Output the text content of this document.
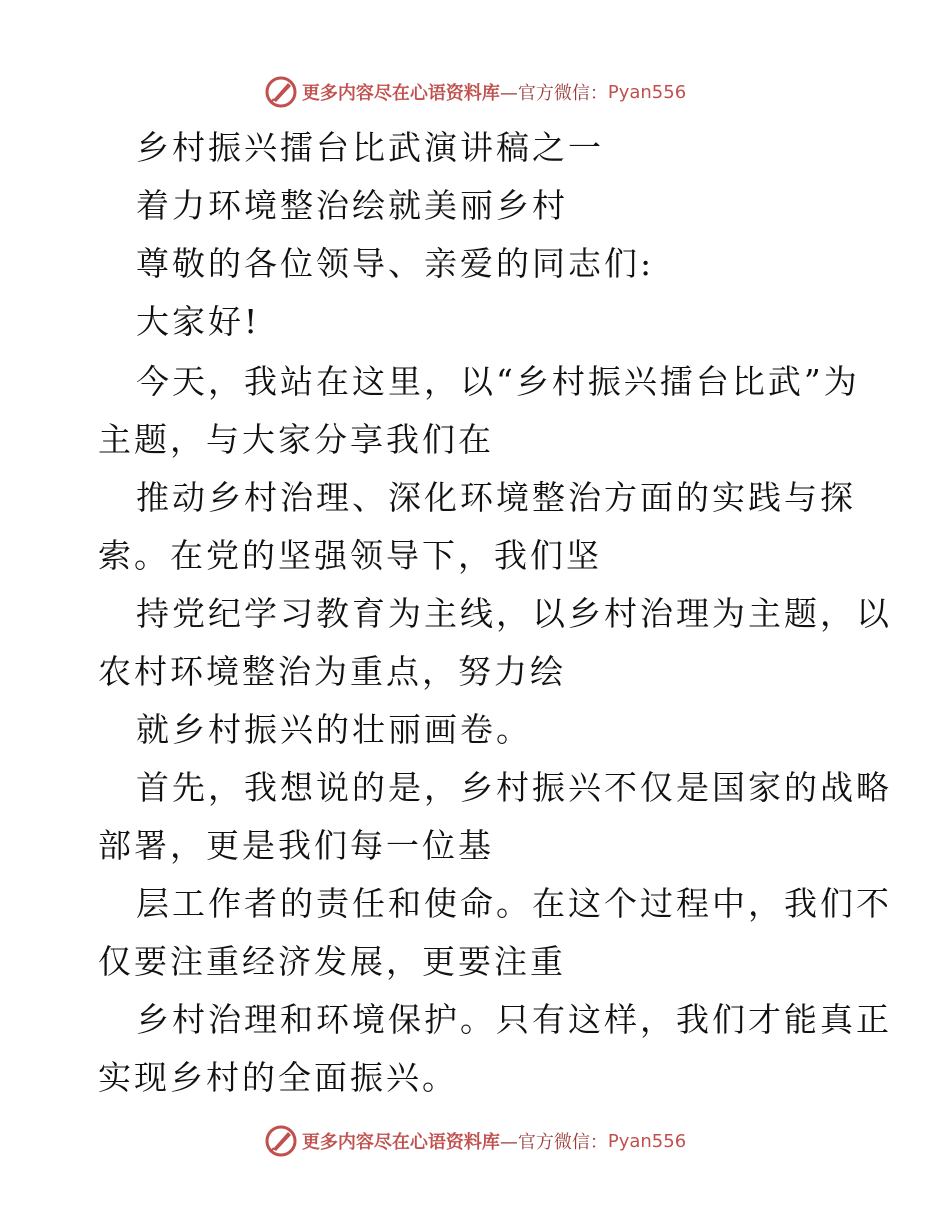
更多内容尽在心语资料库 —官方微信： Pyan556
乡村振兴擂台比武演讲稿之一
着力环境整治绘就美丽乡村
尊敬的各位领导、亲爱的同志们:
大家好!
今天，我站在这里，以“乡村振兴擂台比武”为
主题，与大家分享我们在
推动乡村治理、深化环境整治方面的实践与探
索。在党的坚强领导下，我们坚
持党纪学习教育为主线，以乡村治理为主题，以
农村环境整治为重点，努力绘
就乡村振兴的壮丽画卷。
首先，我想说的是，乡村振兴不仅是国家的战略
部署，更是我们每一位基
层工作者的责任和使命。在这个过程中，我们不
仅要注重经济发展，更要注重
乡村治理和环境保护。只有这样，我们才能真正
实现乡村的全面振兴。
更多内容尽在心语资料库 —官方微信： Pyan556
